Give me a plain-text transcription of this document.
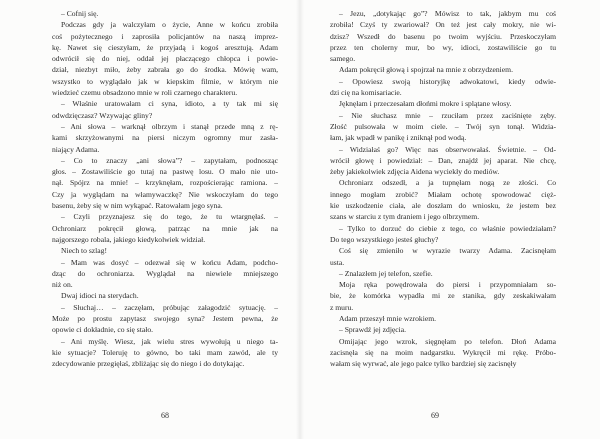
– Cofnij się.
Podczas gdy ja walczyłam o życie, Anne w końcu zrobiła
coś pożytecznego i zaprosiła policjantów na naszą imprez-
kę. Nawet się cieszyłam, że przyjadą i kogoś aresztują. Adam
odwrócił się do niej, oddał jej płaczącego chłopca i powie-
dział, niezbyt miło, żeby zabrała go do środka. Mówię wam,
wszystko to wyglądało jak w kiepskim filmie, w którym nie
wiedzieć czemu obsadzono mnie w roli czarnego charakteru.
– Właśnie uratowałam ci syna, idioto, a ty tak mi się
odwdzięczasz? Wzywając gliny?
– Ani słowa – warknął olbrzym i stanął przede mną z rę-
kami skrzyżowanymi na piersi niczym ogromny mur zasła-
niający Adama.
– Co to znaczy „ani słowa”? – zapytałam, podnosząc
głos. – Zostawiliście go tutaj na pastwę losu. O mało nie uto-
nął. Spójrz na mnie! – krzyknęłam, rozpościerając ramiona. –
Czy ja wyglądam na włamywaczkę? Nie wskoczyłam do tego
basenu, żeby się w nim wykąpać. Ratowałam jego syna.
– Czyli przyznajesz się do tego, że tu wtargnęłaś. –
Ochroniarz pokręcił głową, patrząc na mnie jak na
najgorszego robala, jakiego kiedykolwiek widział.
Niech to szlag!
– Mam was dosyć – odezwał się w końcu Adam, podcho-
dząc do ochroniarza. Wyglądał na niewiele mniejszego
niż on.
Dwaj idioci na sterydach.
– Słuchaj… – zaczęłam, próbując załagodzić sytuację. –
Może po prostu zapytasz swojego syna? Jestem pewna, że
opowie ci dokładnie, co się stało.
– Ani myślę. Wiesz, jak wielu stres wywołują u niego ta-
kie sytuacje? Toleruję to gówno, bo taki mam zawód, ale ty
zdecydowanie przegięłaś, zbliżając się do niego i do dotykając.
– Jezu, „dotykając go”? Mówisz to tak, jakbym mu coś
zrobiła! Czyś ty zwariował? On też jest cały mokry, nie wi-
dzisz? Wszedł do basenu po twoim wyjściu. Przeskoczyłam
przez ten cholerny mur, bo wy, idioci, zostawiliście go tu
samego.
Adam pokręcił głową i spojrzał na mnie z obrzydzeniem.
– Opowiesz swoją historyjkę adwokatowi, kiedy odwie-
dzi cię na komisariacie.
Jęknęłam i przeczesałam dłońmi mokre i splątane włosy.
– Nie słuchasz mnie – rzuciłam przez zaciśnięte zęby.
Złość pulsowała w moim ciele. – Twój syn tonął. Widzia-
łam, jak wpadł w panikę i zniknął pod wodą.
– Widziałaś go? Więc nas obserwowałaś. Świetnie. – Od-
wrócił głowę i powiedział: – Dan, znajdź jej aparat. Nie chcę,
żeby jakiekolwiek zdjęcia Aidena wyciekły do mediów.
Ochroniarz odszedł, a ja tupnęłam nogą ze złości. Co
innego mogłam zrobić? Miałam ochotę spowodować cięż-
kie uszkodzenie ciała, ale doszłam do wniosku, że jestem bez
szans w starciu z tym draniem i jego olbrzymem.
– Tylko to dorzuć do ciebie z tego, co właśnie powiedziałam?
Do tego wszystkiego jesteś głuchy?
Coś się zmieniło w wyrazie twarzy Adama. Zacisnęłam
usta.
– Znalazłem jej telefon, szefie.
Moja ręka powędrowała do piersi i przypomniałam so-
bie, że komórka wypadła mi ze stanika, gdy zeskakiwałam
z muru.
Adam przeszył mnie wzrokiem.
– Sprawdź jej zdjęcia.
Omijając jego wzrok, sięgnęłam po telefon. Dłoń Adama
zacisnęła się na moim nadgarstku. Wykręcił mi rękę. Próbo-
wałam się wyrwać, ale jego palce tylko bardziej się zacisnęły
68	69
